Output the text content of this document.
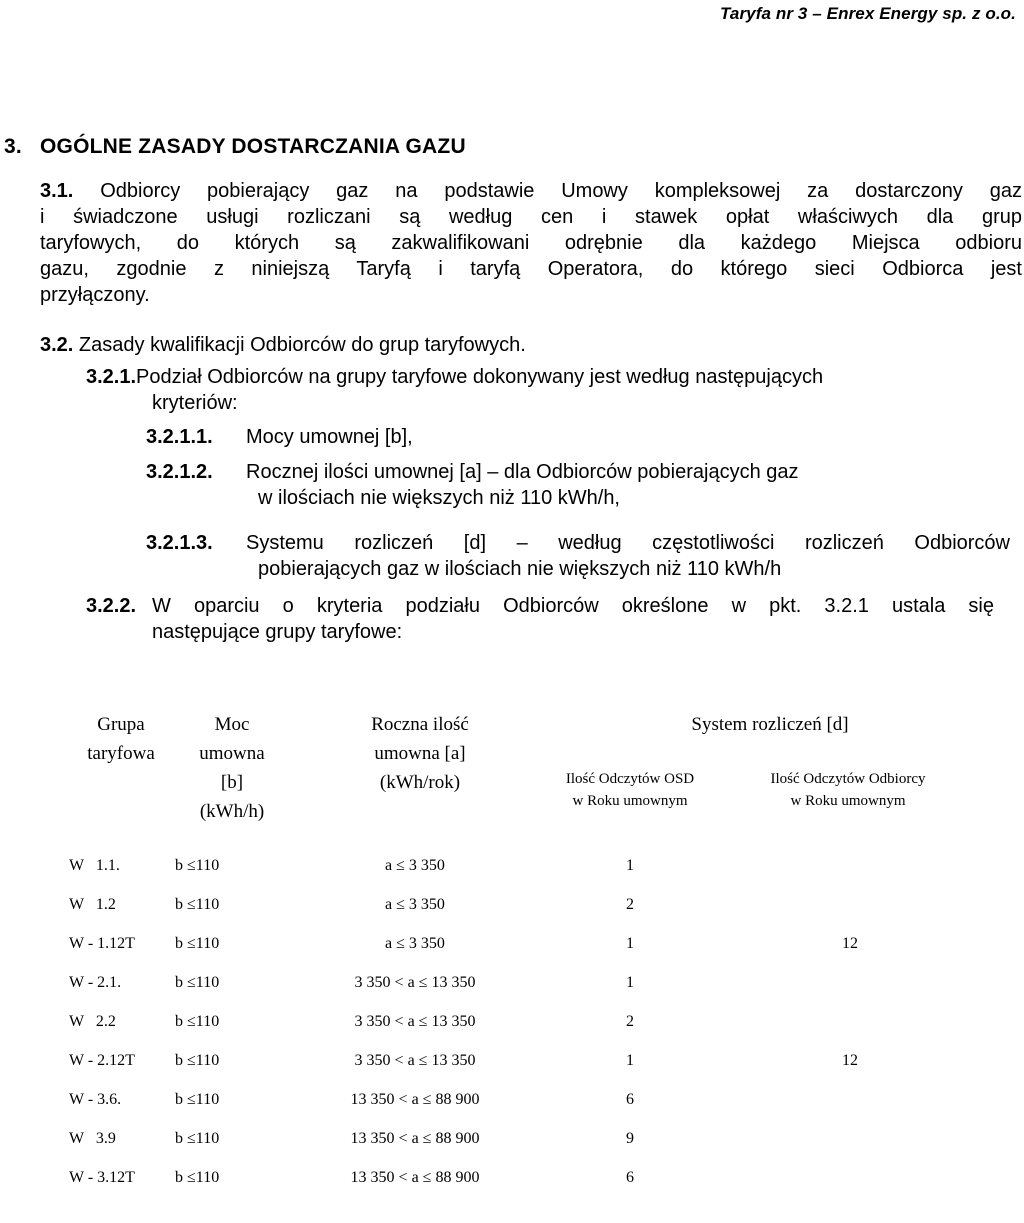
Taryfa nr 3 – Enrex Energy sp. z o.o.
3. OGÓLNE ZASADY DOSTARCZANIA GAZU
3.1. Odbiorcy pobierający gaz na podstawie Umowy kompleksowej za dostarczony gaz
i świadczone usługi rozliczani są według cen i stawek opłat właściwych dla grup
taryfowych, do których są zakwalifikowani odrębnie dla każdego Miejsca odbioru
gazu, zgodnie z niniejszą Taryfą i taryfą Operatora, do którego sieci Odbiorca jest
przyłączony.
3.2. Zasady kwalifikacji Odbiorców do grup taryfowych.
3.2.1.Podział Odbiorców na grupy taryfowe dokonywany jest według następujących
kryteriów:
3.2.1.1. Mocy umownej [b],
3.2.1.2. Rocznej ilości umownej [a] – dla Odbiorców pobierających gaz
w ilościach nie większych niż 110 kWh/h,
3.2.1.3. Systemu rozliczeń [d] – według częstotliwości rozliczeń Odbiorców
pobierających gaz w ilościach nie większych niż 110 kWh/h
3.2.2. W oparciu o kryteria podziału Odbiorców określone w pkt. 3.2.1 ustala się
następujące grupy taryfowe:
Grupa
taryfowa
Moc
umowna
[b]
(kWh/h)
Roczna ilość
umowna [a]
(kWh/rok)
System rozliczeń [d]
Ilość Odczytów OSD
w Roku umownym
Ilość Odczytów Odbiorcy
w Roku umownym
W   1.1.	b ≤110	a ≤ 3 350	1
W   1.2	b ≤110	a ≤ 3 350	2
W - 1.12T	b ≤110	a ≤ 3 350	1	12
W - 2.1.	b ≤110	3 350 < a ≤ 13 350	1
W   2.2	b ≤110	3 350 < a ≤ 13 350	2
W - 2.12T	b ≤110	3 350 < a ≤ 13 350	1	12
W - 3.6.	b ≤110	13 350 < a ≤ 88 900	6
W   3.9	b ≤110	13 350 < a ≤ 88 900	9
W - 3.12T	b ≤110	13 350 < a ≤ 88 900	6
